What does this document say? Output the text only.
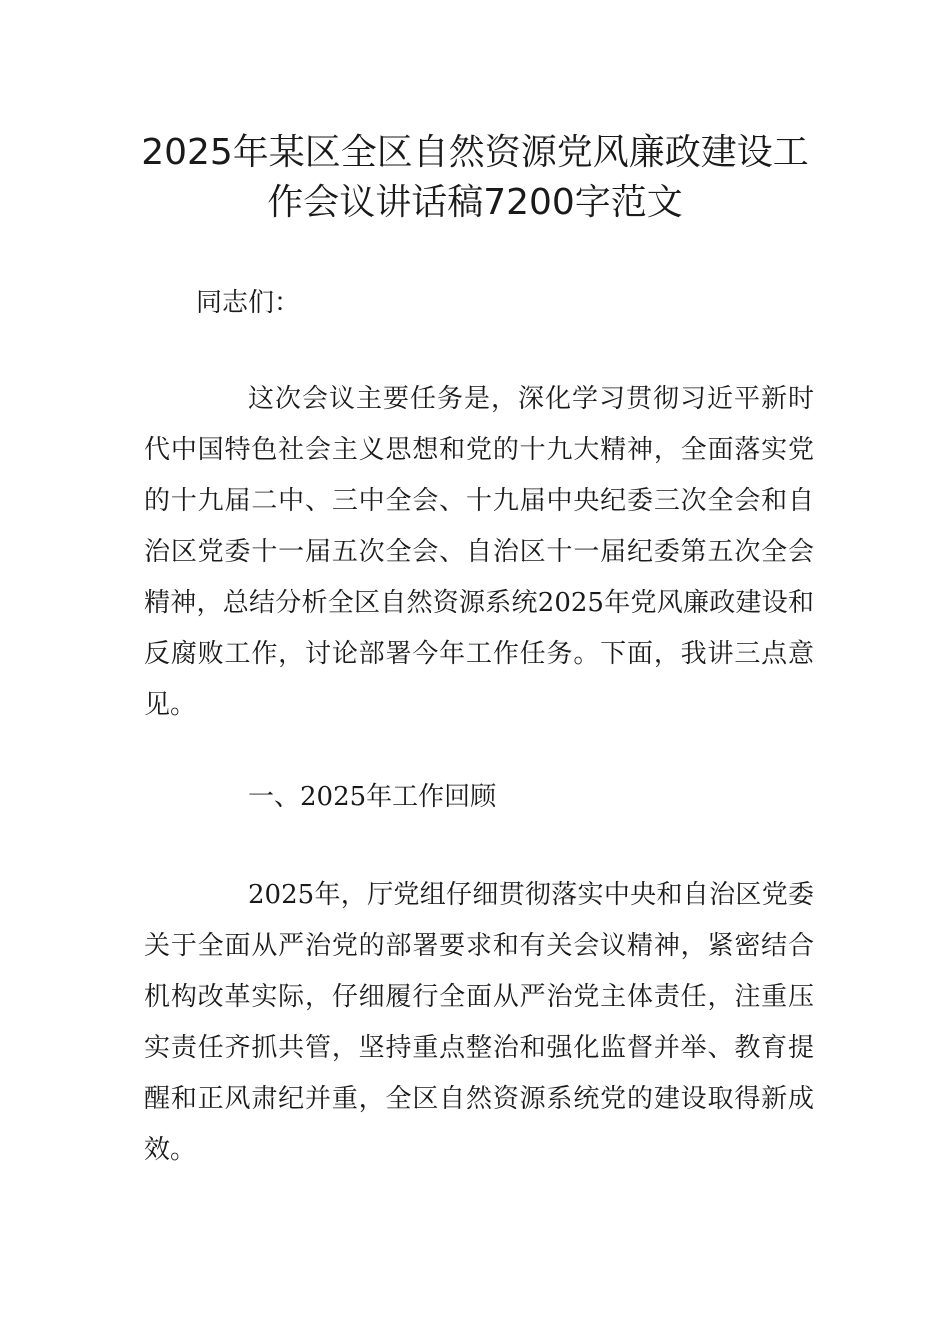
2025年某区全区自然资源党风廉政建设工
作会议讲话稿7200字范文

同志们：

这次会议主要任务是，深化学习贯彻习近平新时代中国特色社会主义思想和党的十九大精神，全面落实党的十九届二中、三中全会、十九届中央纪委三次全会和自治区党委十一届五次全会、自治区十一届纪委第五次全会精神，总结分析全区自然资源系统2025年党风廉政建设和反腐败工作，讨论部署今年工作任务。下面，我讲三点意见。

一、2025年工作回顾

2025年，厅党组仔细贯彻落实中央和自治区党委关于全面从严治党的部署要求和有关会议精神，紧密结合机构改革实际，仔细履行全面从严治党主体责任，注重压实责任齐抓共管，坚持重点整治和强化监督并举、教育提醒和正风肃纪并重，全区自然资源系统党的建设取得新成效。
